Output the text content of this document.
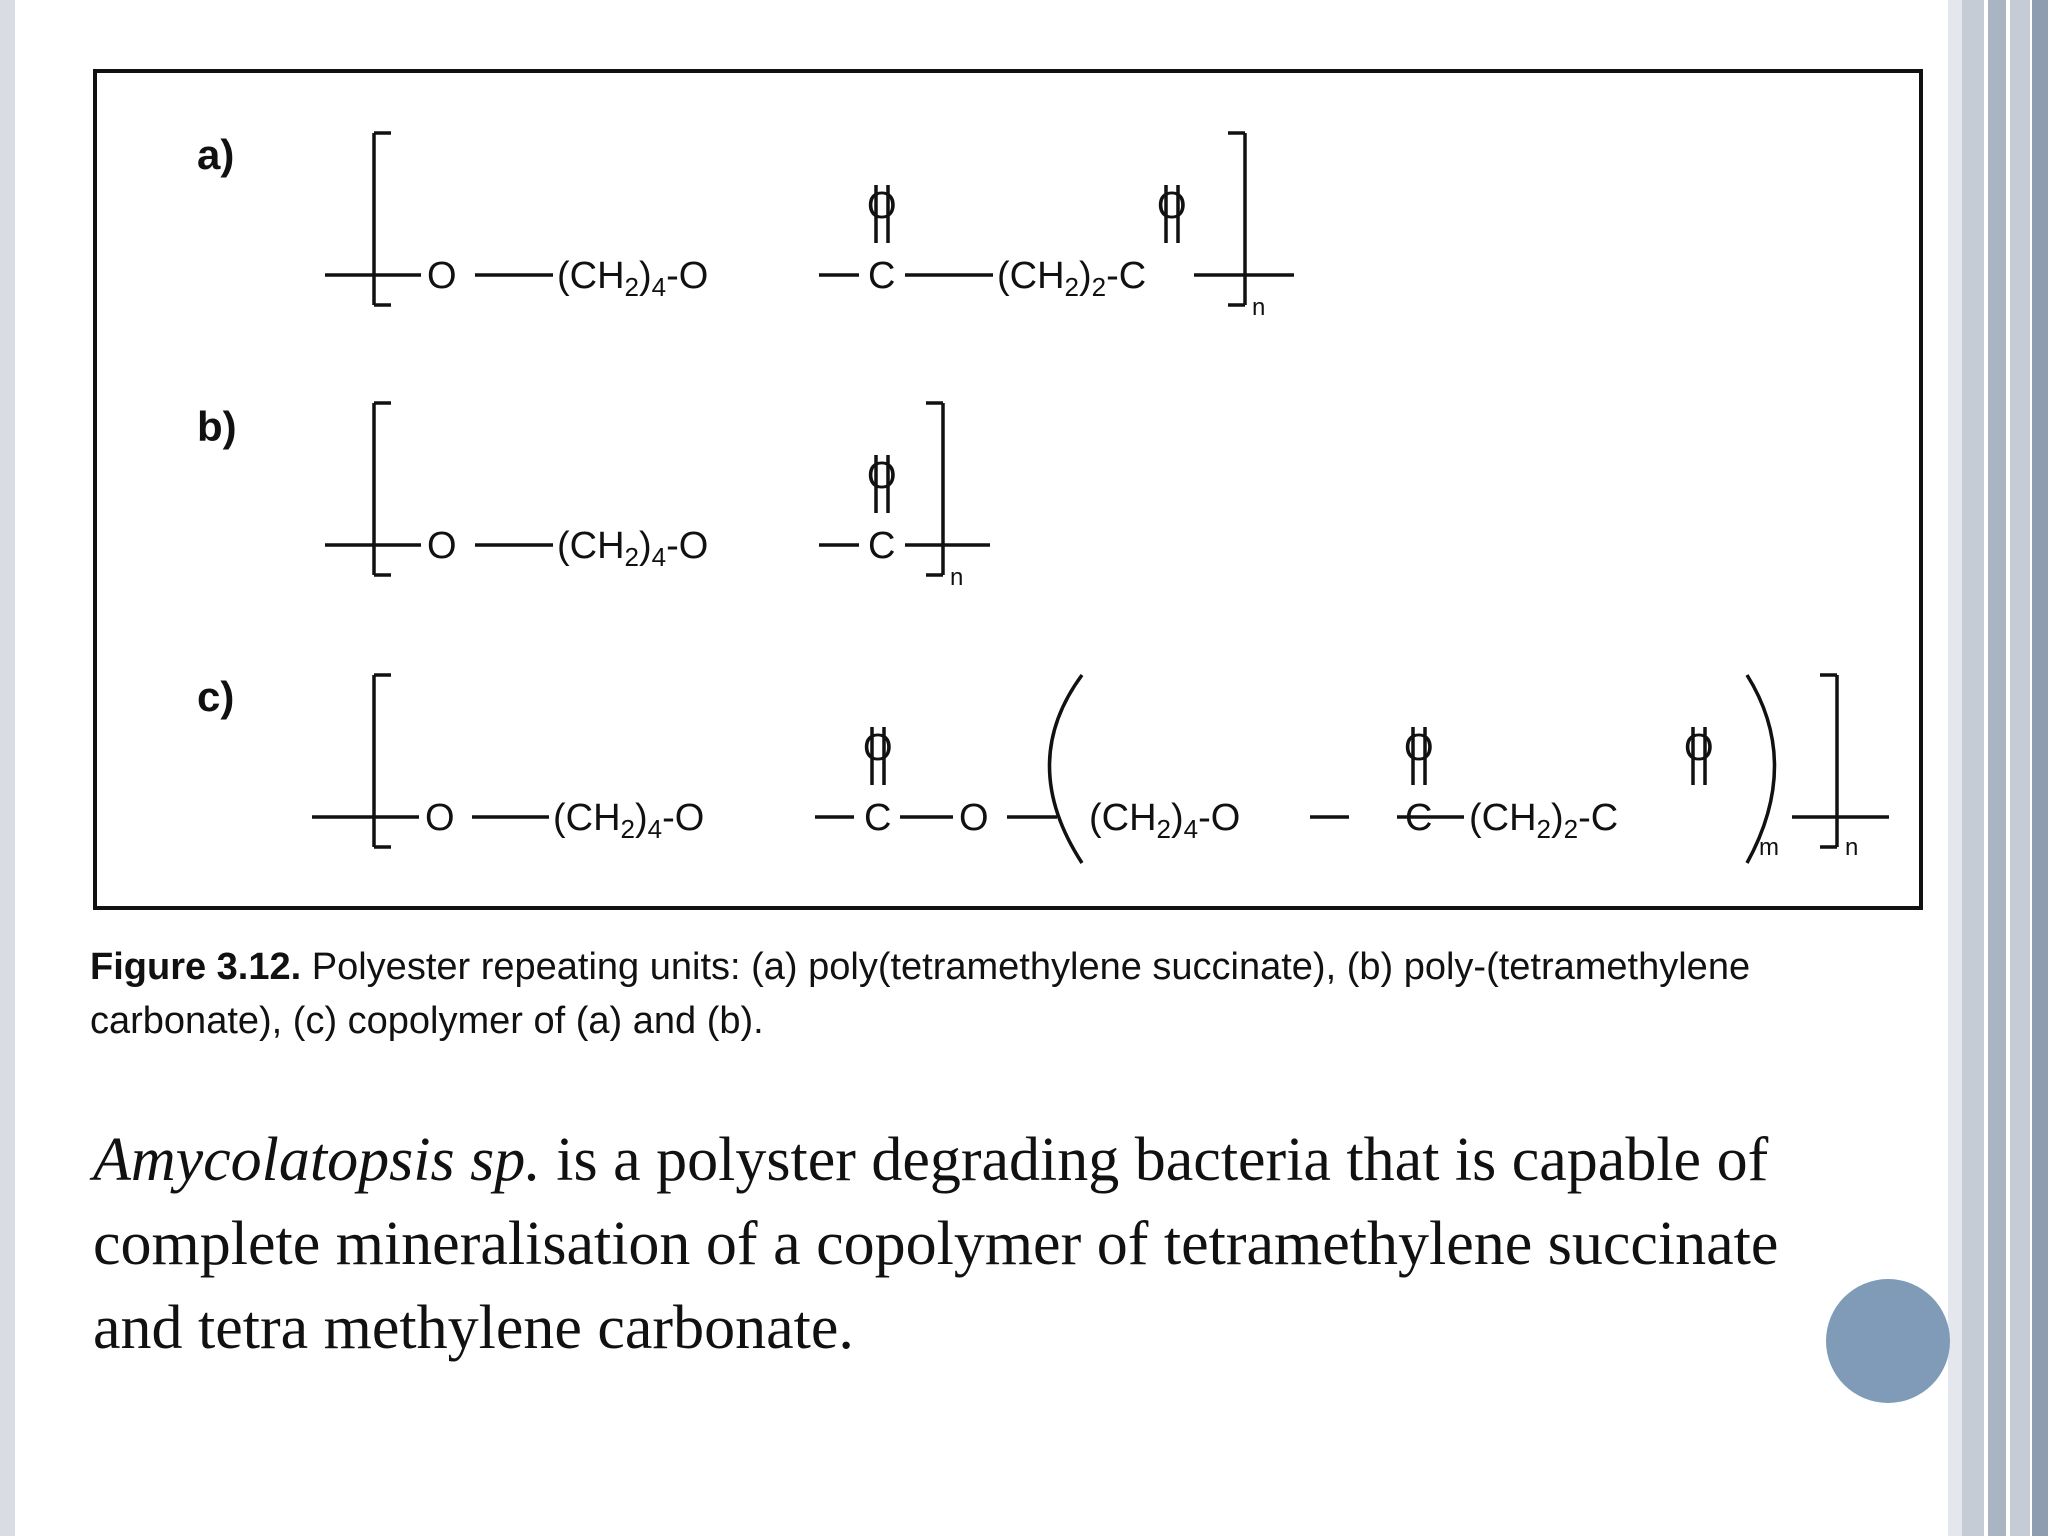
a)
b)
c)
O	$(CH_2)_4-O$
O
C	$(CH_2)_2-C$
O
n
O	$(CH_2)_4-O$
O
C
n
O	$(CH_2)_4-O$
O
C O	$(CH_2)_4-O$
O
C $(CH_2)_2-C$
O
m	n
Figure 3.12. Polyester repeating units: (a) poly(tetramethylene succinate), (b) poly-(tetramethylene carbonate), (c) copolymer of (a) and (b).
Amycolatopsis sp. is a polyster degrading bacteria that is capable of complete mineralisation of a copolymer of tetramethylene succinate and tetra methylene carbonate.
